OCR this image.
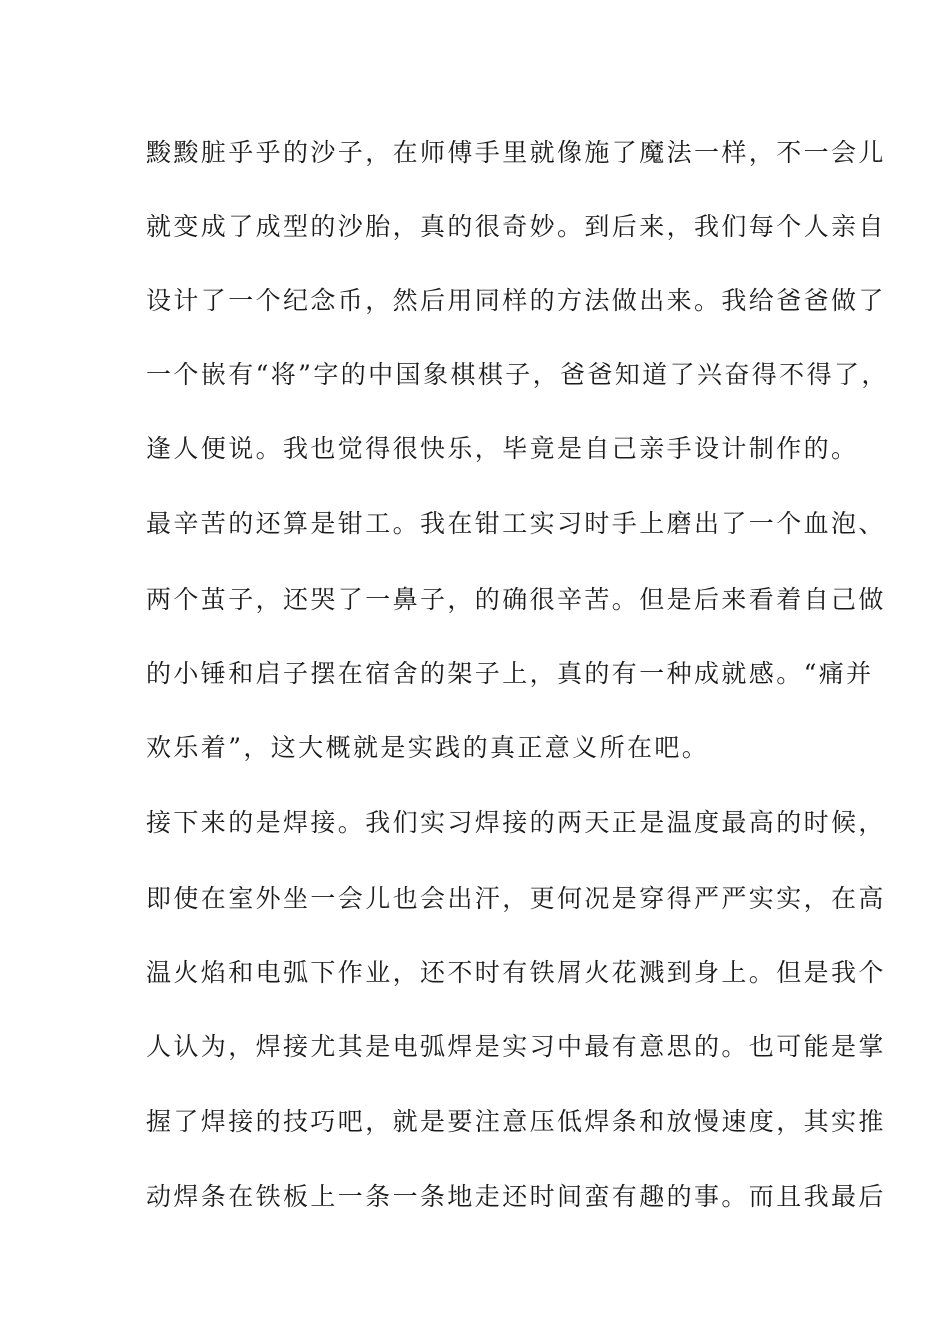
黢黢脏乎乎的沙子，在师傅手里就像施了魔法一样，不一会儿
就变成了成型的沙胎，真的很奇妙。到后来，我们每个人亲自
设计了一个纪念币，然后用同样的方法做出来。我给爸爸做了
一个嵌有“将”字的中国象棋棋子，爸爸知道了兴奋得不得了，
逢人便说。我也觉得很快乐，毕竟是自己亲手设计制作的。
最辛苦的还算是钳工。我在钳工实习时手上磨出了一个血泡、
两个茧子，还哭了一鼻子，的确很辛苦。但是后来看着自己做
的小锤和启子摆在宿舍的架子上，真的有一种成就感。“痛并
欢乐着”，这大概就是实践的真正意义所在吧。
接下来的是焊接。我们实习焊接的两天正是温度最高的时候，
即使在室外坐一会儿也会出汗，更何况是穿得严严实实，在高
温火焰和电弧下作业，还不时有铁屑火花溅到身上。但是我个
人认为，焊接尤其是电弧焊是实习中最有意思的。也可能是掌
握了焊接的技巧吧，就是要注意压低焊条和放慢速度，其实推
动焊条在铁板上一条一条地走还时间蛮有趣的事。而且我最后
